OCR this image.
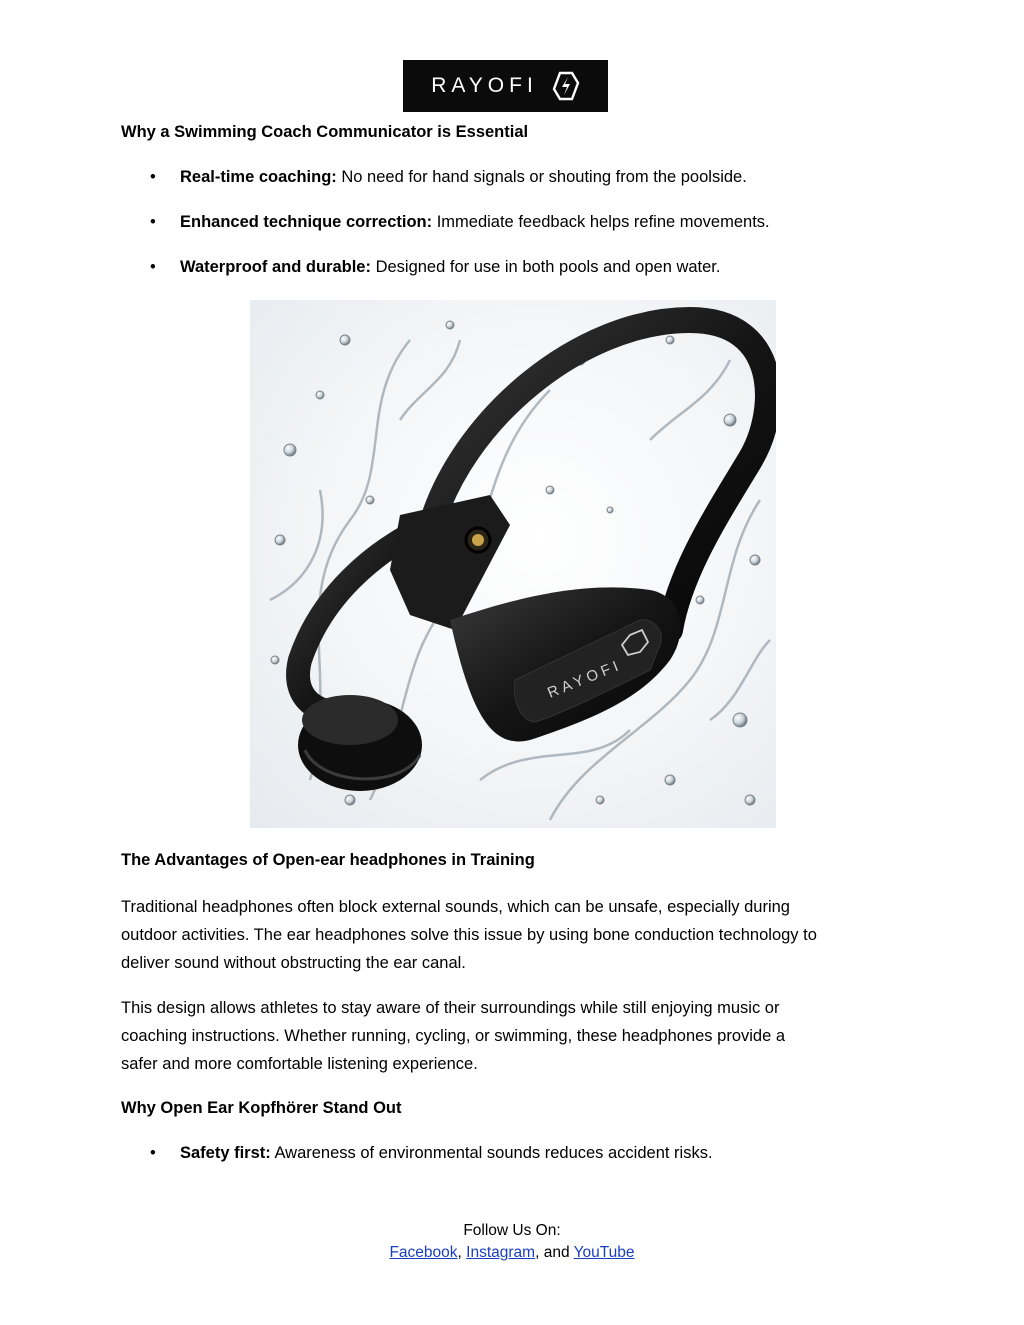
RAYOFI
Why a Swimming Coach Communicator is Essential
• Real-time coaching: No need for hand signals or shouting from the poolside.
• Enhanced technique correction: Immediate feedback helps refine movements.
• Waterproof and durable: Designed for use in both pools and open water.
RAYOFI
The Advantages of Open-ear headphones in Training

Traditional headphones often block external sounds, which can be unsafe, especially during
outdoor activities. The ear headphones solve this issue by using bone conduction technology to
deliver sound without obstructing the ear canal.

This design allows athletes to stay aware of their surroundings while still enjoying music or
coaching instructions. Whether running, cycling, or swimming, these headphones provide a
safer and more comfortable listening experience.

Why Open Ear Kopfhörer Stand Out
• Safety first: Awareness of environmental sounds reduces accident risks.
Follow Us On:
Facebook, Instagram, and YouTube
